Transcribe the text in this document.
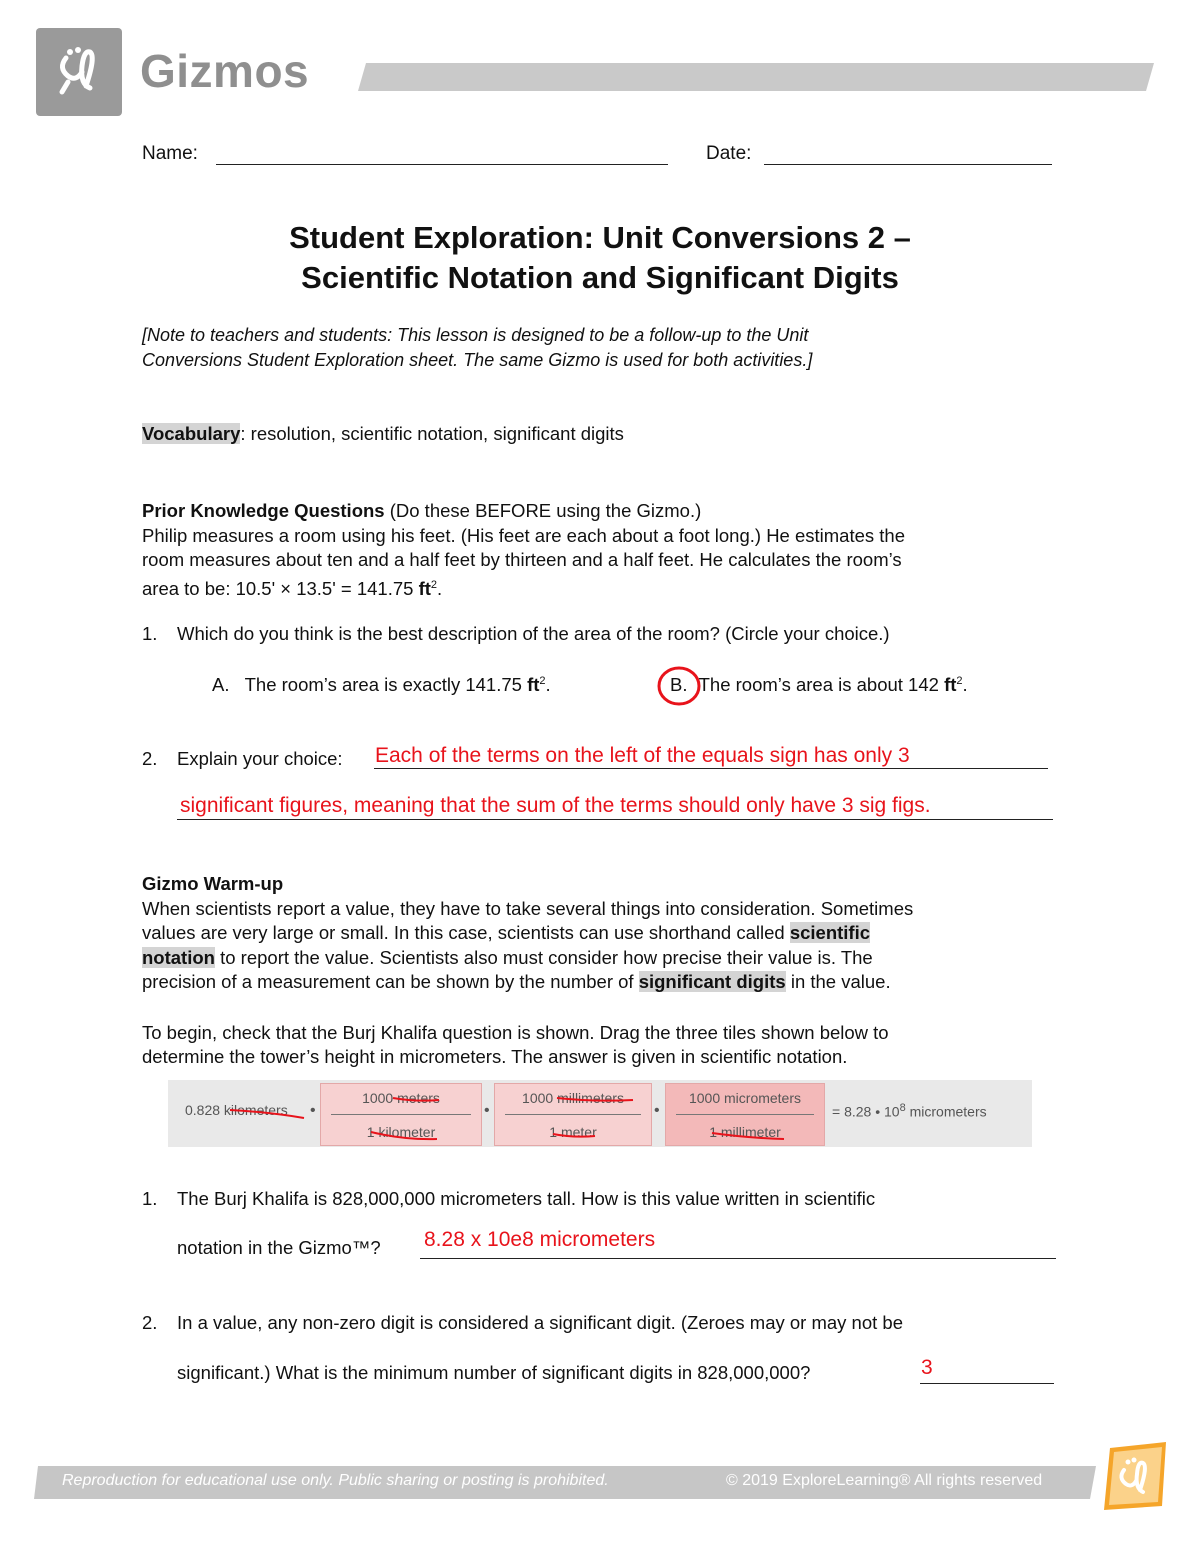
Gizmos
Name:	Date:
Student Exploration: Unit Conversions 2 –
Scientific Notation and Significant Digits
[Note to teachers and students: This lesson is designed to be a follow-up to the Unit
Conversions Student Exploration sheet. The same Gizmo is used for both activities.]
Vocabulary: resolution, scientific notation, significant digits
Prior Knowledge Questions (Do these BEFORE using the Gizmo.)
Philip measures a room using his feet. (His feet are each about a foot long.) He estimates the
room measures about ten and a half feet by thirteen and a half feet. He calculates the room’s
area to be: 10.5' × 13.5' = 141.75 $ft^2$.
1. Which do you think is the best description of the area of the room? (Circle your choice.)
A. The room’s area is exactly 141.75 $ft^2$.	B. The room’s area is about 142 $ft^2$.
2. Explain your choice: Each of the terms on the left of the equals sign has only 3
significant figures, meaning that the sum of the terms should only have 3 sig figs.
Gizmo Warm-up
When scientists report a value, they have to take several things into consideration. Sometimes
values are very large or small. In this case, scientists can use shorthand called scientific
notation to report the value. Scientists also must consider how precise their value is. The
precision of a measurement can be shown by the number of significant digits in the value.
To begin, check that the Burj Khalifa question is shown. Drag the three tiles shown below to
determine the tower’s height in micrometers. The answer is given in scientific notation.
0.828 kilometers •
1000 meters
1 kilometer
•
1000 millimeters
1 meter
•
1000 micrometers
1 millimeter
= 8.28 • $10^8$ micrometers
1. The Burj Khalifa is 828,000,000 micrometers tall. How is this value written in scientific
notation in the Gizmo™? 8.28 x 10e8 micrometers
2. In a value, any non-zero digit is considered a significant digit. (Zeroes may or may not be
significant.) What is the minimum number of significant digits in 828,000,000?	3
Reproduction for educational use only. Public sharing or posting is prohibited.	© 2019 ExploreLearning® All rights reserved
